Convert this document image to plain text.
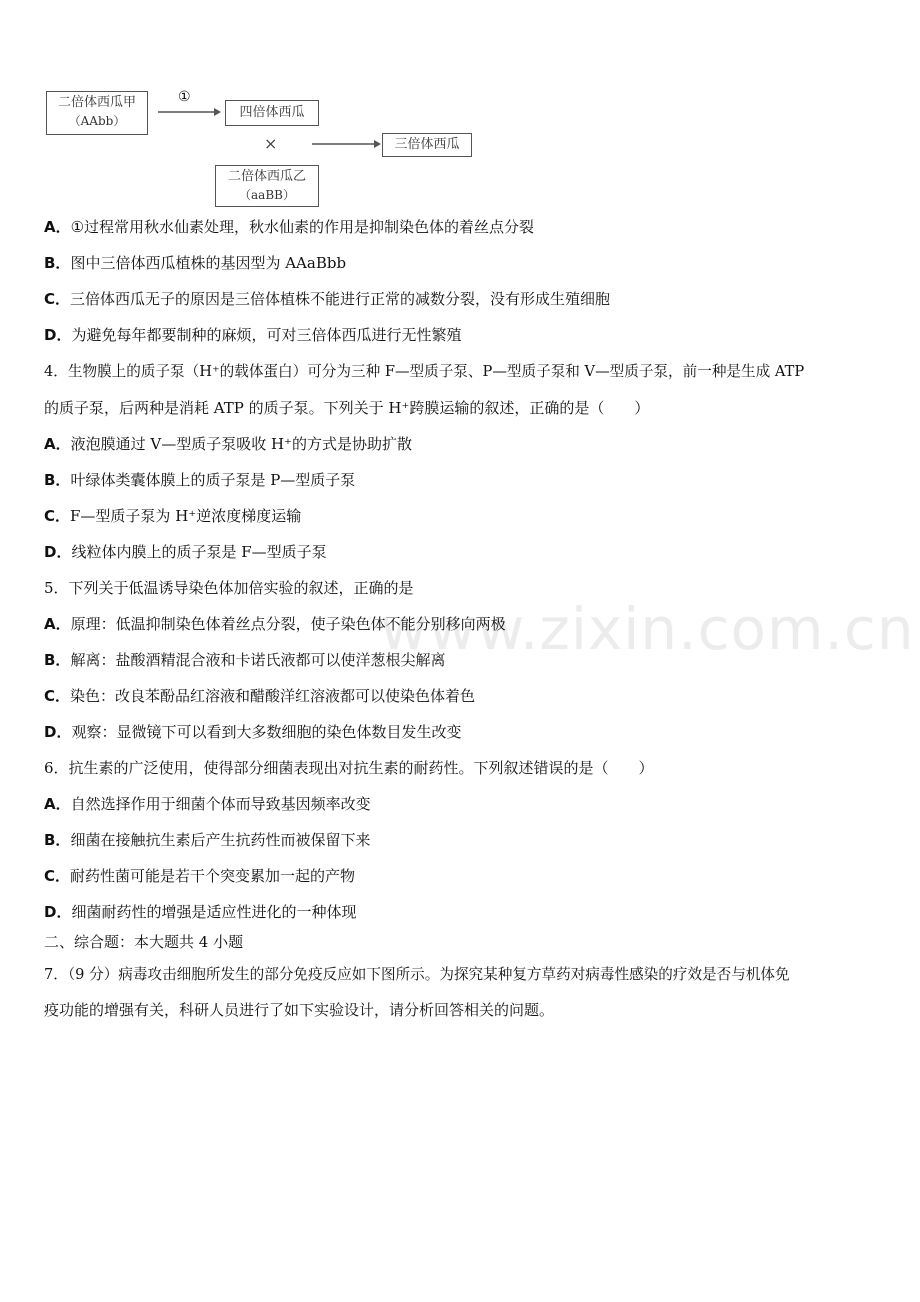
二倍体西瓜甲
（AAbb）
①
四倍体西瓜
×	三倍体西瓜
二倍体西瓜乙
（aaBB）
A．①过程常用秋水仙素处理，秋水仙素的作用是抑制染色体的着丝点分裂
B．图中三倍体西瓜植株的基因型为 AAaBbb
C．三倍体西瓜无子的原因是三倍体植株不能进行正常的减数分裂，没有形成生殖细胞
D．为避免每年都要制种的麻烦，可对三倍体西瓜进行无性繁殖
4．生物膜上的质子泵（H⁺的载体蛋白）可分为三种 F—型质子泵、P—型质子泵和 V—型质子泵，前一种是生成 ATP
的质子泵，后两种是消耗 ATP 的质子泵。下列关于 H⁺跨膜运输的叙述，正确的是（　　）
A．液泡膜通过 V—型质子泵吸收 H⁺的方式是协助扩散
B．叶绿体类囊体膜上的质子泵是 P—型质子泵
C．F—型质子泵为 H⁺逆浓度梯度运输
D．线粒体内膜上的质子泵是 F—型质子泵
www.zixin.com.cn
5．下列关于低温诱导染色体加倍实验的叙述，正确的是
A．原理：低温抑制染色体着丝点分裂，使子染色体不能分别移向两极
B．解离：盐酸酒精混合液和卡诺氏液都可以使洋葱根尖解离
C．染色：改良苯酚品红溶液和醋酸洋红溶液都可以使染色体着色
D．观察：显微镜下可以看到大多数细胞的染色体数目发生改变
6．抗生素的广泛使用，使得部分细菌表现出对抗生素的耐药性。下列叙述错误的是（　　）
A．自然选择作用于细菌个体而导致基因频率改变
B．细菌在接触抗生素后产生抗药性而被保留下来
C．耐药性菌可能是若干个突变累加一起的产物
D．细菌耐药性的增强是适应性进化的一种体现
二、综合题：本大题共 4 小题
7．（9 分）病毒攻击细胞所发生的部分免疫反应如下图所示。为探究某种复方草药对病毒性感染的疗效是否与机体免
疫功能的增强有关，科研人员进行了如下实验设计，请分析回答相关的问题。
